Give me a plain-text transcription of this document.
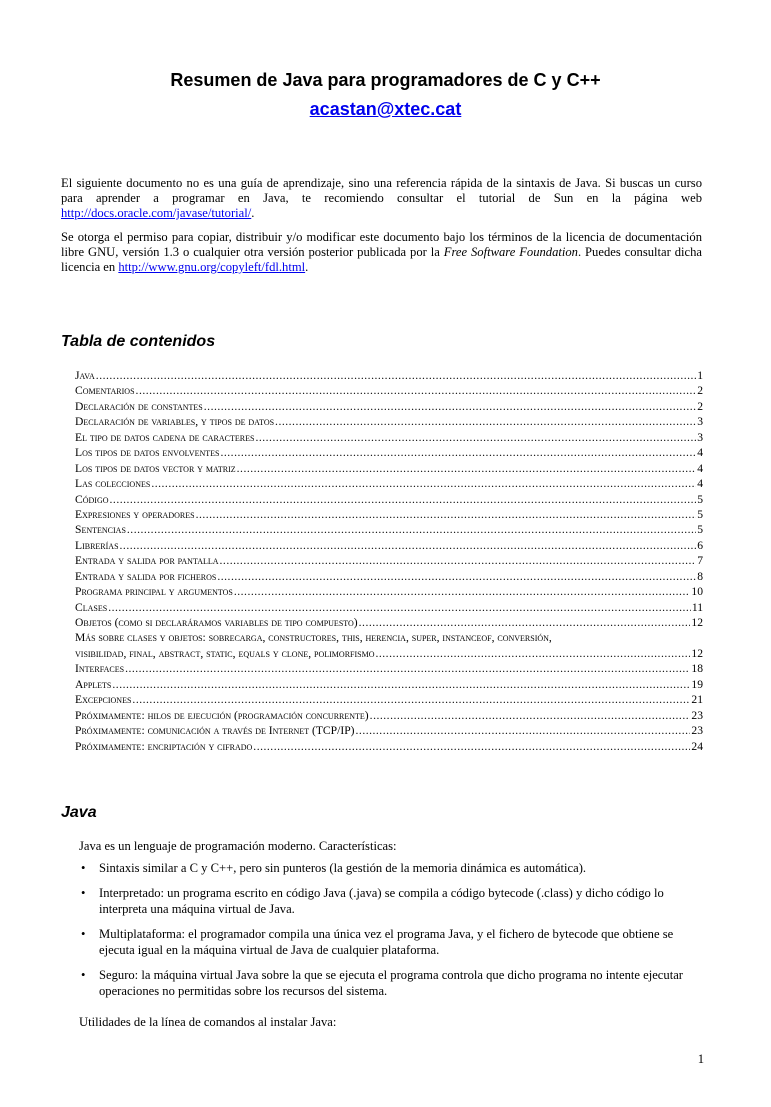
Resumen de Java para programadores de C y C++
acastan@xtec.cat

El siguiente documento no es una guía de aprendizaje, sino una referencia rápida de la sintaxis de Java. Si buscas un curso para aprender a programar en Java, te recomiendo consultar el tutorial de Sun en la página web http://docs.oracle.com/javase/tutorial/.

Se otorga el permiso para copiar, distribuir y/o modificar este documento bajo los términos de la licencia de documentación libre GNU, versión 1.3 o cualquier otra versión posterior publicada por la Free Software Foundation. Puedes consultar dicha licencia en http://www.gnu.org/copyleft/fdl.html.

Tabla de contenidos
Java .....	1
Comentarios .....	2
Declaración de constantes .....	2
Declaración de variables, y tipos de datos .....	3
El tipo de datos cadena de caracteres .....	3
Los tipos de datos envolventes .....	4
Los tipos de datos vector y matriz .....	4
Las colecciones .....	4
Código .....	5
Expresiones y operadores .....	5
Sentencias .....	5
Librerías .....	6
Entrada y salida por pantalla .....	7
Entrada y salida por ficheros .....	8
Programa principal y argumentos .....	10
Clases .....	11
Objetos (como si declaráramos variables de tipo compuesto) .....	12
Más sobre clases y objetos: sobrecarga, constructores, this, herencia, super, instanceof, conversión,
visibilidad, final, abstract, static, equals y clone, polimorfismo .....	12
Interfaces .....	18
Applets .....	19
Excepciones .....	21
Próximamente: hilos de ejecución (programación concurrente) .....	23
Próximamente: comunicación a través de Internet (TCP/IP) .....	23
Próximamente: encriptación y cifrado .....	24
Java

Java es un lenguaje de programación moderno. Características:

• Sintaxis similar a C y C++, pero sin punteros (la gestión de la memoria dinámica es automática).
• Interpretado: un programa escrito en código Java (.java) se compila a código bytecode (.class) y dicho código lo interpreta una máquina virtual de Java.
• Multiplataforma: el programador compila una única vez el programa Java, y el fichero de bytecode que obtiene se ejecuta igual en la máquina virtual de Java de cualquier plataforma.
• Seguro: la máquina virtual Java sobre la que se ejecuta el programa controla que dicho programa no intente ejecutar operaciones no permitidas sobre los recursos del sistema.

Utilidades de la línea de comandos al instalar Java:

1
